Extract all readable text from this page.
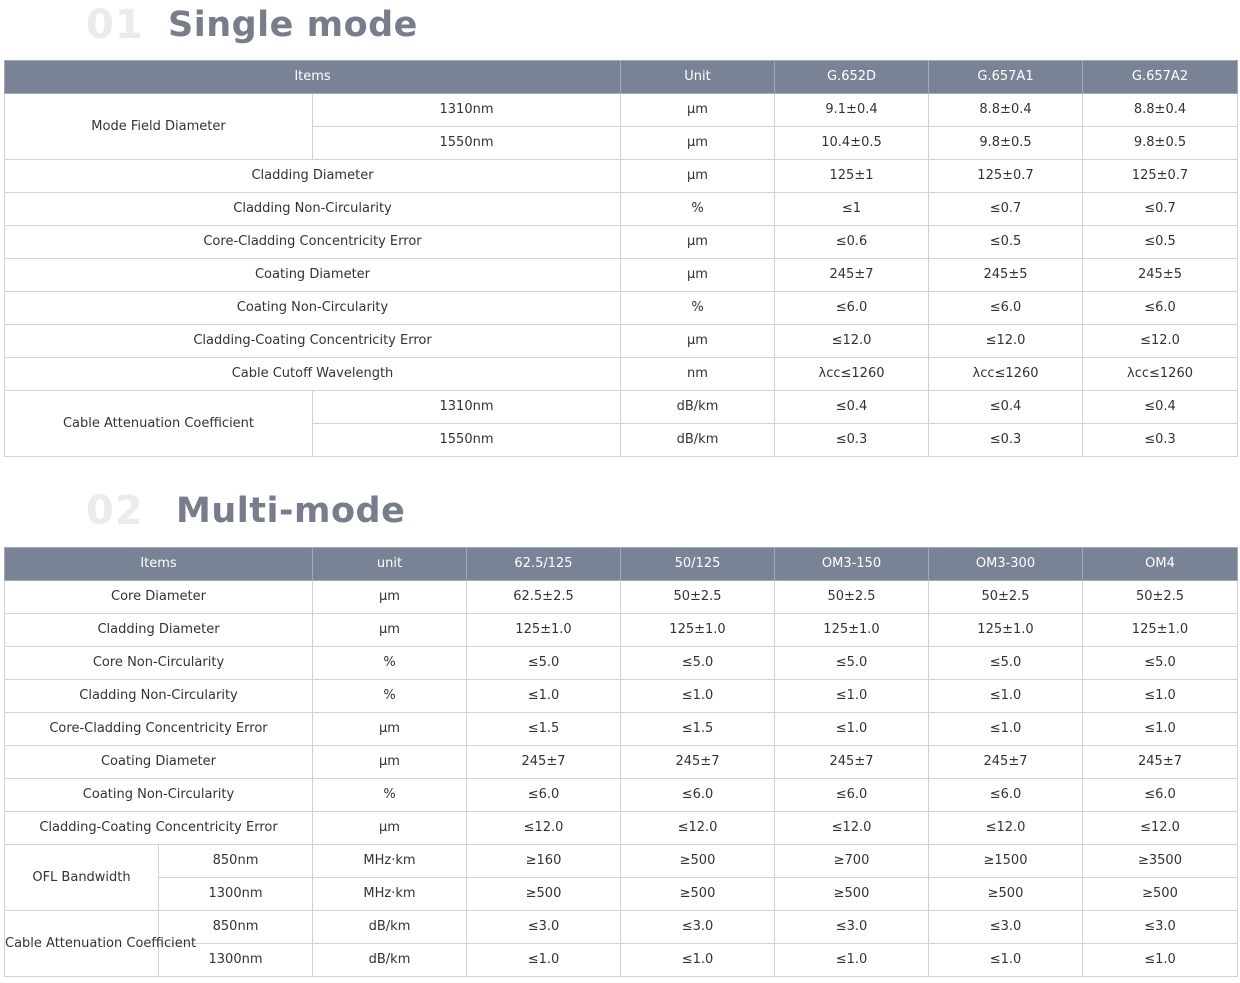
01 Single mode
Items		Unit	G.652D	G.657A1	G.657A2
Mode Field Diameter	1310nm	μm	9.1±0.4	8.8±0.4	8.8±0.4
	1550nm	μm	10.4±0.5	9.8±0.5	9.8±0.5
Cladding Diameter		μm	125±1	125±0.7	125±0.7
Cladding Non-Circularity		%	≤1	≤0.7	≤0.7
Core-Cladding Concentricity Error		μm	≤0.6	≤0.5	≤0.5
Coating Diameter		μm	245±7	245±5	245±5
Coating Non-Circularity		%	≤6.0	≤6.0	≤6.0
Cladding-Coating Concentricity Error		μm	≤12.0	≤12.0	≤12.0
Cable Cutoff Wavelength		nm	λcc≤1260	λcc≤1260	λcc≤1260
Cable Attenuation Coefficient	1310nm	dB/km	≤0.4	≤0.4	≤0.4
	1550nm	dB/km	≤0.3	≤0.3	≤0.3
02 Multi-mode
Items		unit	62.5/125	50/125	OM3-150	OM3-300	OM4
Core Diameter		μm	62.5±2.5	50±2.5	50±2.5	50±2.5	50±2.5
Cladding Diameter		μm	125±1.0	125±1.0	125±1.0	125±1.0	125±1.0
Core Non-Circularity		%	≤5.0	≤5.0	≤5.0	≤5.0	≤5.0
Cladding Non-Circularity		%	≤1.0	≤1.0	≤1.0	≤1.0	≤1.0
Core-Cladding Concentricity Error		μm	≤1.5	≤1.5	≤1.0	≤1.0	≤1.0
Coating Diameter		μm	245±7	245±7	245±7	245±7	245±7
Coating Non-Circularity		%	≤6.0	≤6.0	≤6.0	≤6.0	≤6.0
Cladding-Coating Concentricity Error		μm	≤12.0	≤12.0	≤12.0	≤12.0	≤12.0
OFL Bandwidth	850nm	MHz·km	≥160	≥500	≥700	≥1500	≥3500
	1300nm	MHz·km	≥500	≥500	≥500	≥500	≥500
Cable Attenuation Coefficient	850nm	dB/km	≤3.0	≤3.0	≤3.0	≤3.0	≤3.0
	1300nm	dB/km	≤1.0	≤1.0	≤1.0	≤1.0	≤1.0
